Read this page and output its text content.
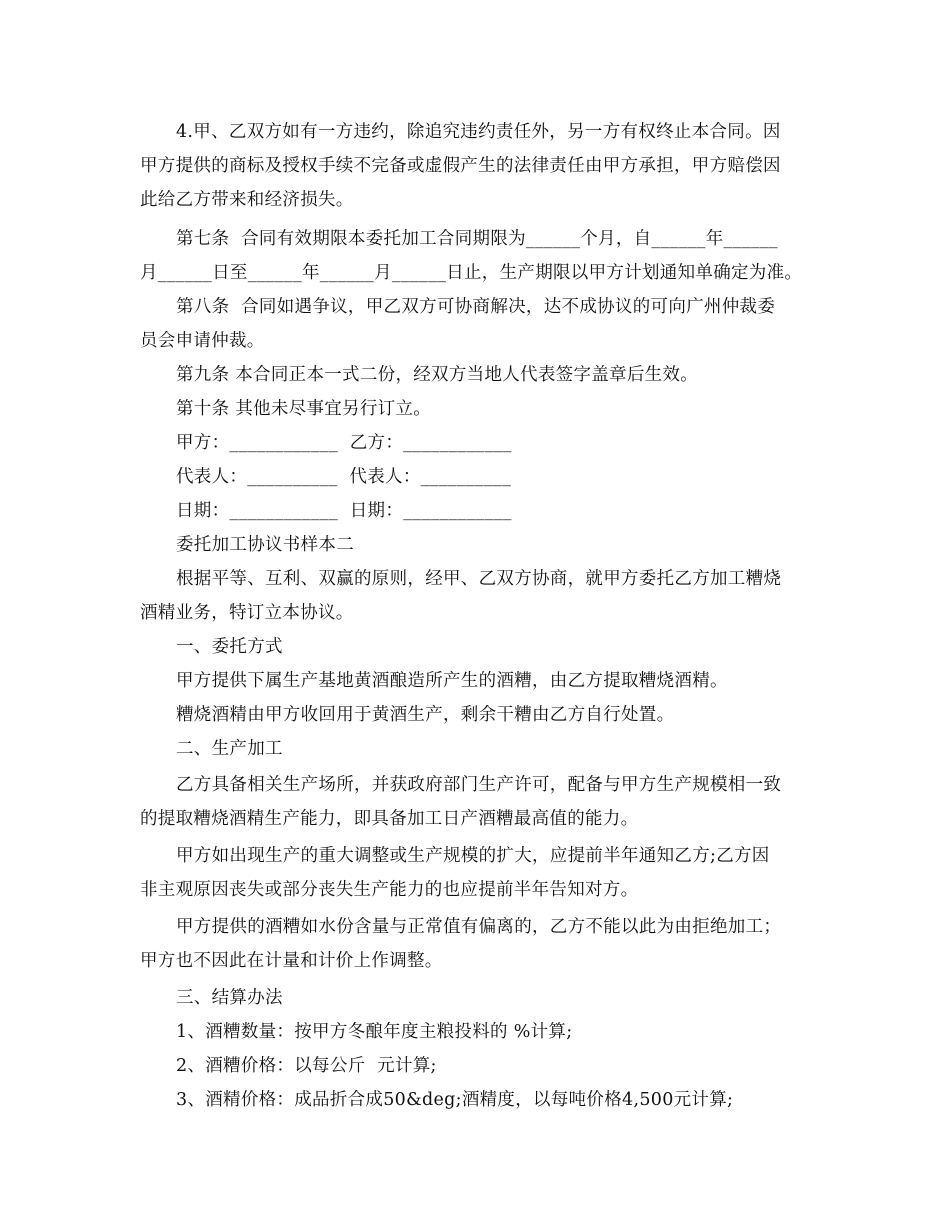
4.甲、乙双方如有一方违约，除追究违约责任外，另一方有权终止本合同。因
甲方提供的商标及授权手续不完备或虚假产生的法律责任由甲方承担，甲方赔偿因
此给乙方带来和经济损失。
第七条  合同有效期限本委托加工合同期限为______个月，自______年______
月______日至______年______月______日止，生产期限以甲方计划通知单确定为准。
第八条  合同如遇争议，甲乙双方可协商解决，达不成协议的可向广州仲裁委
员会申请仲裁。
第九条 本合同正本一式二份，经双方当地人代表签字盖章后生效。
第十条 其他未尽事宜另行订立。
甲方：____________  乙方：____________
代表人：__________  代表人：__________
日期：____________  日期：____________
委托加工协议书样本二
根据平等、互利、双赢的原则，经甲、乙双方协商，就甲方委托乙方加工糟烧
酒精业务，特订立本协议。
一、委托方式
甲方提供下属生产基地黄酒酿造所产生的酒糟，由乙方提取糟烧酒精。
糟烧酒精由甲方收回用于黄酒生产，剩余干糟由乙方自行处置。
二、生产加工
乙方具备相关生产场所，并获政府部门生产许可，配备与甲方生产规模相一致
的提取糟烧酒精生产能力，即具备加工日产酒糟最高值的能力。
甲方如出现生产的重大调整或生产规模的扩大，应提前半年通知乙方;乙方因
非主观原因丧失或部分丧失生产能力的也应提前半年告知对方。
甲方提供的酒糟如水份含量与正常值有偏离的，乙方不能以此为由拒绝加工；
甲方也不因此在计量和计价上作调整。
三、结算办法
1、酒糟数量：按甲方冬酿年度主粮投料的 %计算;
2、酒糟价格：以每公斤  元计算;
3、酒精价格：成品折合成50&deg;酒精度，以每吨价格4,500元计算;
